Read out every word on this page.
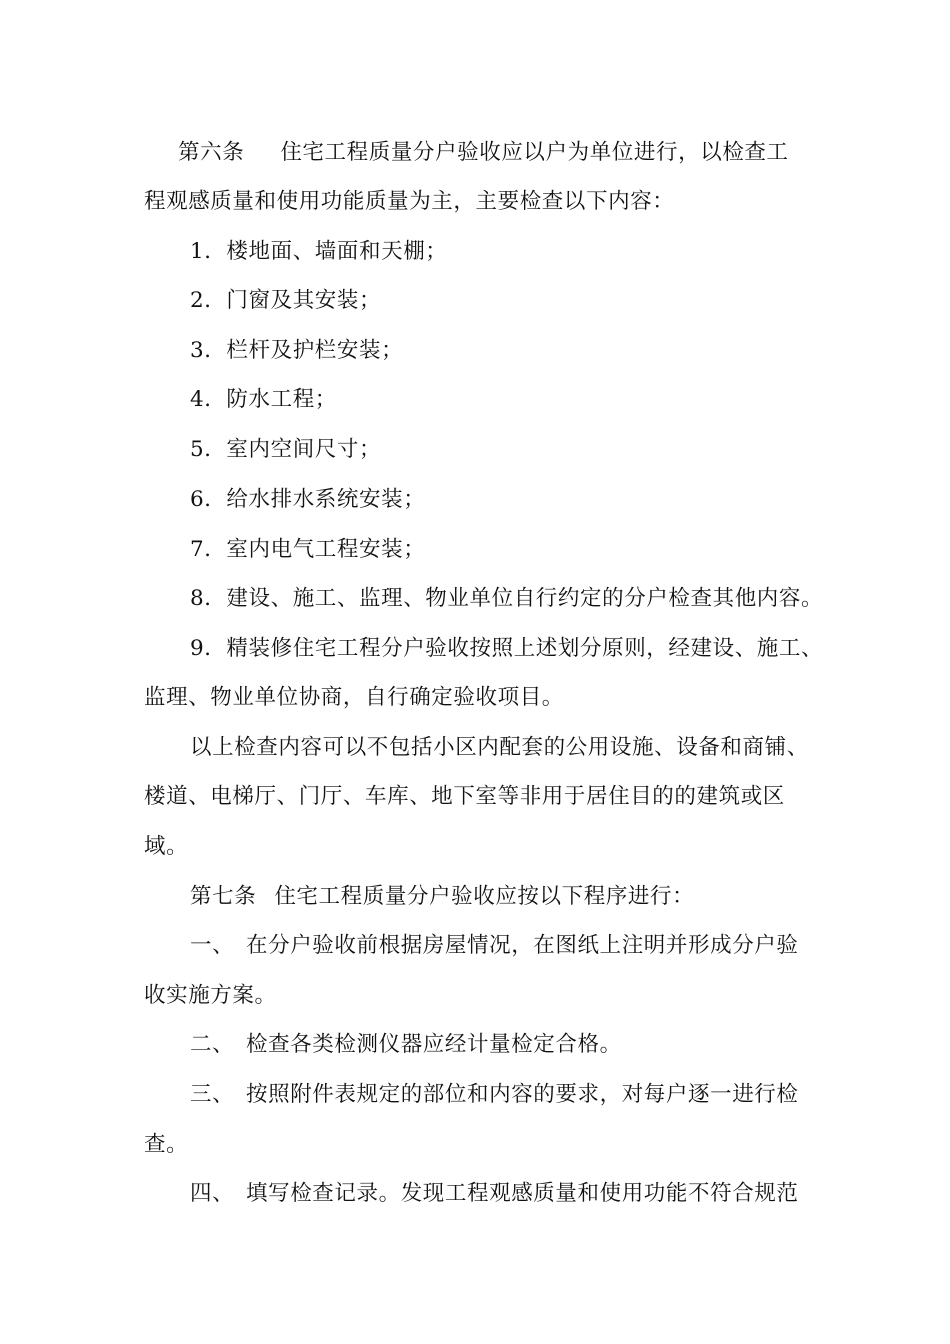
第六条 住宅工程质量分户验收应以户为单位进行，以检查工
程观感质量和使用功能质量为主，主要检查以下内容：
1．楼地面、墙面和天棚；
2．门窗及其安装；
3．栏杆及护栏安装；
4．防水工程；
5．室内空间尺寸；
6．给水排水系统安装；
7．室内电气工程安装；
8．建设、施工、监理、物业单位自行约定的分户检查其他内容。
9．精装修住宅工程分户验收按照上述划分原则，经建设、施工、
监理、物业单位协商，自行确定验收项目。
以上检查内容可以不包括小区内配套的公用设施、设备和商铺、
楼道、电梯厅、门厅、车库、地下室等非用于居住目的的建筑或区
域。
第七条 住宅工程质量分户验收应按以下程序进行：
一、 在分户验收前根据房屋情况，在图纸上注明并形成分户验
收实施方案。
二、 检查各类检测仪器应经计量检定合格。
三、 按照附件表规定的部位和内容的要求，对每户逐一进行检
查。
四、 填写检查记录。发现工程观感质量和使用功能不符合规范
